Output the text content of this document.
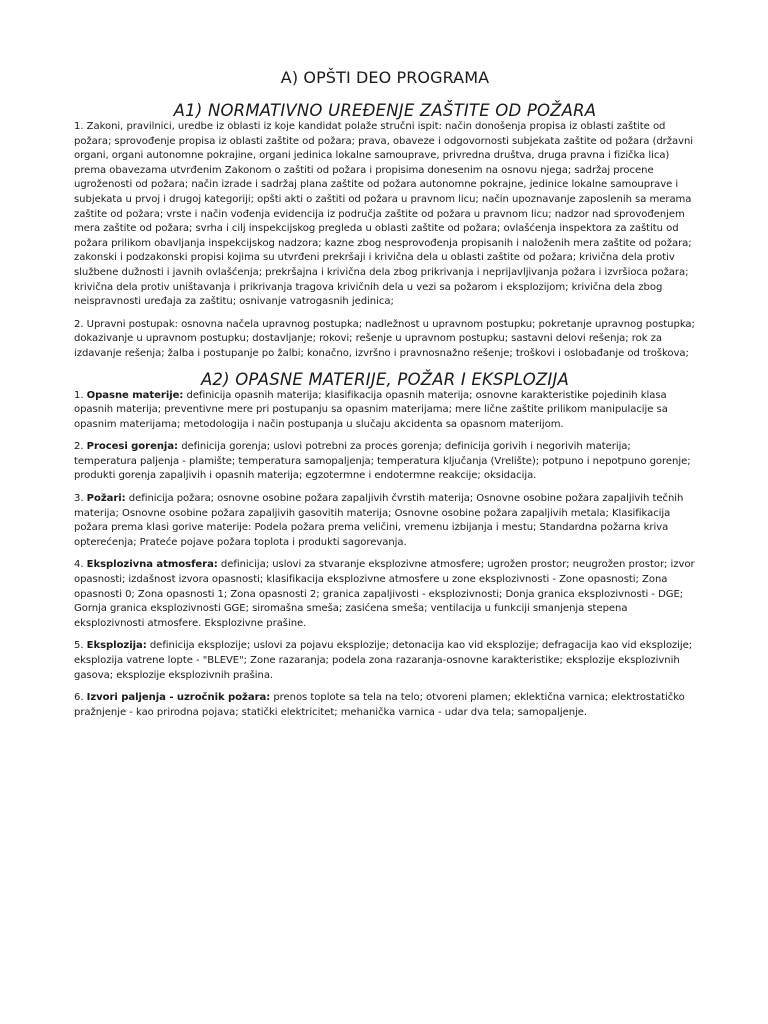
A) OPŠTI DEO PROGRAMA
A1) NORMATIVNO UREĐENJE ZAŠTITE OD POŽARA

1. Zakoni, pravilnici, uredbe iz oblasti iz koje kandidat polaže stručni ispit: način donošenja propisa iz oblasti zaštite od požara; sprovođenje propisa iz oblasti zaštite od požara; prava, obaveze i odgovornosti subjekata zaštite od požara (državni organi, organi autonomne pokrajine, organi jedinica lokalne samouprave, privredna društva, druga pravna i fizička lica) prema obavezama utvrđenim Zakonom o zaštiti od požara i propisima donesenim na osnovu njega; sadržaj procene ugroženosti od požara; način izrade i sadržaj plana zaštite od požara autonomne pokrajne, jedinice lokalne samouprave i subjekata u prvoj i drugoj kategoriji; opšti akti o zaštiti od požara u pravnom licu; način upoznavanje zaposlenih sa merama zaštite od požara; vrste i način vođenja evidencija iz područja zaštite od požara u pravnom licu; nadzor nad sprovođenjem mera zaštite od požara; svrha i cilj inspekcijskog pregleda u oblasti zaštite od požara; ovlašćenja inspektora za zaštitu od požara prilikom obavljanja inspekcijskog nadzora; kazne zbog nesprovođenja propisanih i naloženih mera zaštite od požara; zakonski i podzakonski propisi kojima su utvrđeni prekršaji i krivična dela u oblasti zaštite od požara; krivična dela protiv službene dužnosti i javnih ovlašćenja; prekršajna i krivična dela zbog prikrivanja i neprijavljivanja požara i izvršioca požara; krivična dela protiv uništavanja i prikrivanja tragova krivičnih dela u vezi sa požarom i eksplozijom; krivična dela zbog neispravnosti uređaja za zaštitu; osnivanje vatrogasnih jedinica;

2. Upravni postupak: osnovna načela upravnog postupka; nadležnost u upravnom postupku; pokretanje upravnog postupka; dokazivanje u upravnom postupku; dostavljanje; rokovi; rešenje u upravnom postupku; sastavni delovi rešenja; rok za izdavanje rešenja; žalba i postupanje po žalbi; konačno, izvršno i pravnosnažno rešenje; troškovi i oslobađanje od troškova;

A2) OPASNE MATERIJE, POŽAR I EKSPLOZIJA

1. Opasne materije: definicija opasnih materija; klasifikacija opasnih materija; osnovne karakteristike pojedinih klasa opasnih materija; preventivne mere pri postupanju sa opasnim materijama; mere lične zaštite prilikom manipulacije sa opasnim materijama; metodologija i način postupanja u slučaju akcidenta sa opasnom materijom.

2. Procesi gorenja: definicija gorenja; uslovi potrebni za proces gorenja; definicija gorivih i negorivih materija; temperatura paljenja - plamište; temperatura samopaljenja; temperatura ključanja (Vrelište); potpuno i nepotpuno gorenje; produkti gorenja zapaljivih i opasnih materija; egzotermne i endotermne reakcije; oksidacija.

3. Požari: definicija požara; osnovne osobine požara zapaljivih čvrstih materija; Osnovne osobine požara zapaljivih tečnih materija; Osnovne osobine požara zapaljivih gasovitih materija; Osnovne osobine požara zapaljivih metala; Klasifikacija požara prema klasi gorive materije: Podela požara prema veličini, vremenu izbijanja i mestu; Standardna požarna kriva opterećenja; Prateće pojave požara toplota i produkti sagorevanja.

4. Eksplozivna atmosfera: definicija; uslovi za stvaranje eksplozivne atmosfere; ugrožen prostor; neugrožen prostor; izvor opasnosti; izdašnost izvora opasnosti; klasifikacija eksplozivne atmosfere u zone eksplozivnosti - Zone opasnosti; Zona opasnosti 0; Zona opasnosti 1; Zona opasnosti 2; granica zapaljivosti - eksplozivnosti; Donja granica eksplozivnosti - DGE; Gornja granica eksplozivnosti GGE; siromašna smeša; zasićena smeša; ventilacija u funkciji smanjenja stepena eksplozivnosti atmosfere. Eksplozivne prašine.

5. Eksplozija: definicija eksplozije; uslovi za pojavu eksplozije; detonacija kao vid eksplozije; defragacija kao vid eksplozije; eksplozija vatrene lopte - "BLEVE"; Zone razaranja; podela zona razaranja-osnovne karakteristike; eksplozije eksplozivnih gasova; eksplozije eksplozivnih prašina.

6. Izvori paljenja - uzročnik požara: prenos toplote sa tela na telo; otvoreni plamen; eklektična varnica; elektrostatičko pražnjenje - kao prirodna pojava; statički elektricitet; mehanička varnica - udar dva tela; samopaljenje.
